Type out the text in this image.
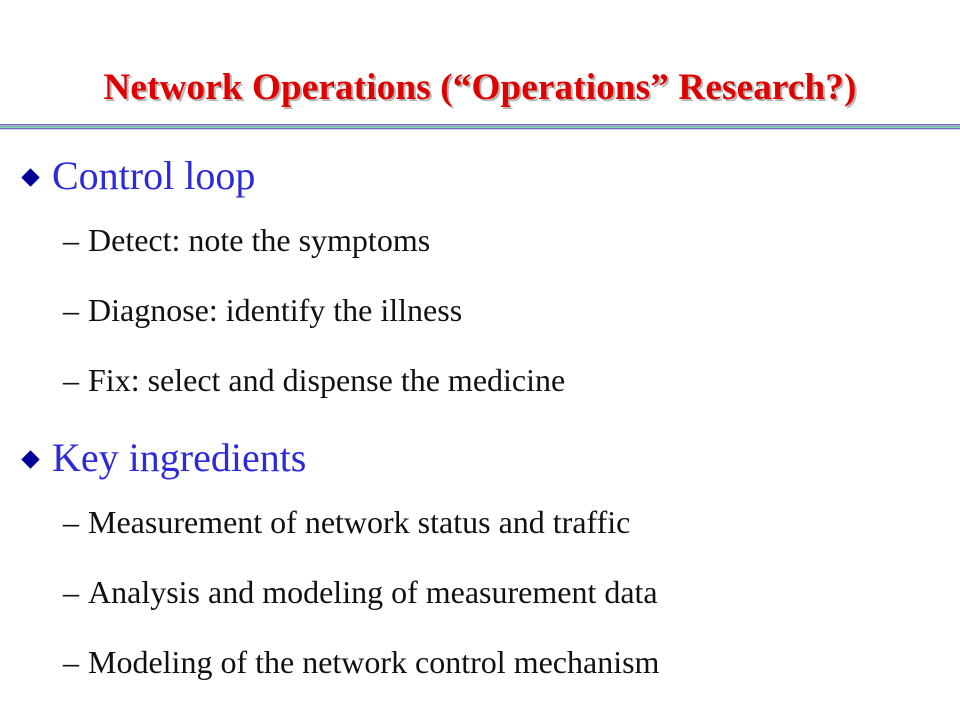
Network Operations (“Operations” Research?)
Control loop
– Detect: note the symptoms
– Diagnose: identify the illness
– Fix: select and dispense the medicine
Key ingredients
– Measurement of network status and traffic
– Analysis and modeling of measurement data
– Modeling of the network control mechanism
